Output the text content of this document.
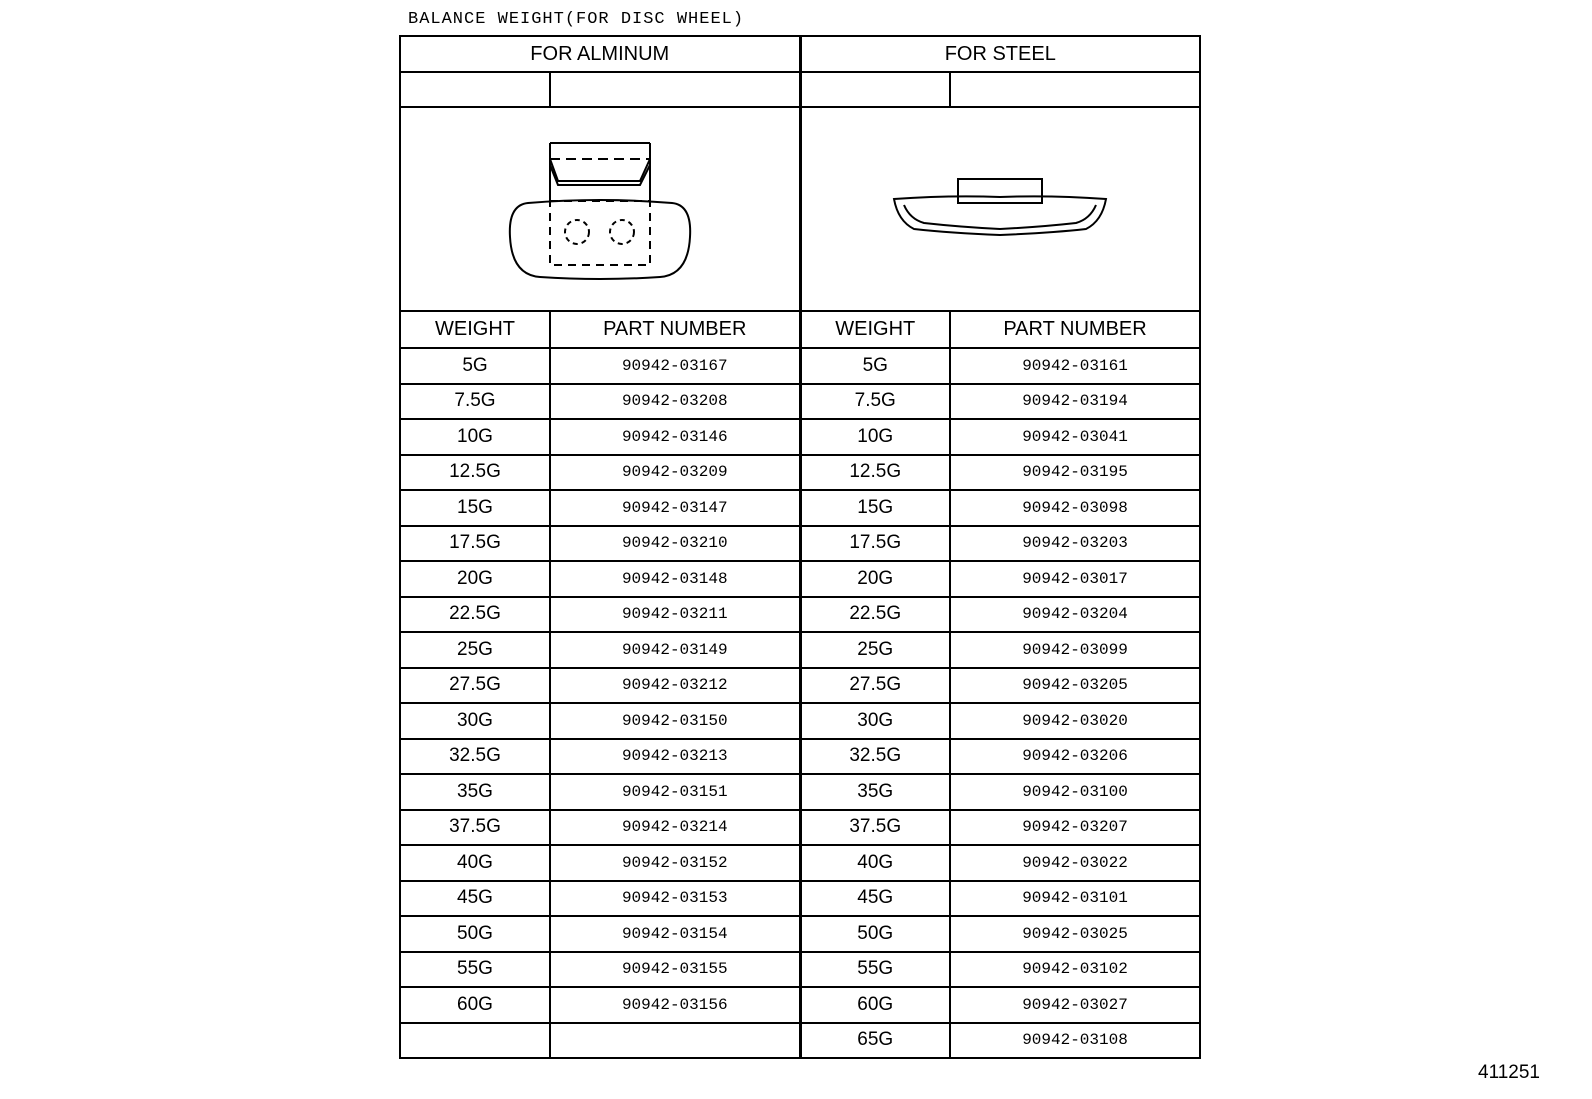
BALANCE WEIGHT(FOR DISC WHEEL)
FOR ALMINUM		FOR STEEL	

WEIGHT	PART NUMBER	WEIGHT	PART NUMBER
5G	90942-03167	5G	90942-03161
7.5G	90942-03208	7.5G	90942-03194
10G	90942-03146	10G	90942-03041
12.5G	90942-03209	12.5G	90942-03195
15G	90942-03147	15G	90942-03098
17.5G	90942-03210	17.5G	90942-03203
20G	90942-03148	20G	90942-03017
22.5G	90942-03211	22.5G	90942-03204
25G	90942-03149	25G	90942-03099
27.5G	90942-03212	27.5G	90942-03205
30G	90942-03150	30G	90942-03020
32.5G	90942-03213	32.5G	90942-03206
35G	90942-03151	35G	90942-03100
37.5G	90942-03214	37.5G	90942-03207
40G	90942-03152	40G	90942-03022
45G	90942-03153	45G	90942-03101
50G	90942-03154	50G	90942-03025
55G	90942-03155	55G	90942-03102
60G	90942-03156	60G	90942-03027
		65G	90942-03108
411251
